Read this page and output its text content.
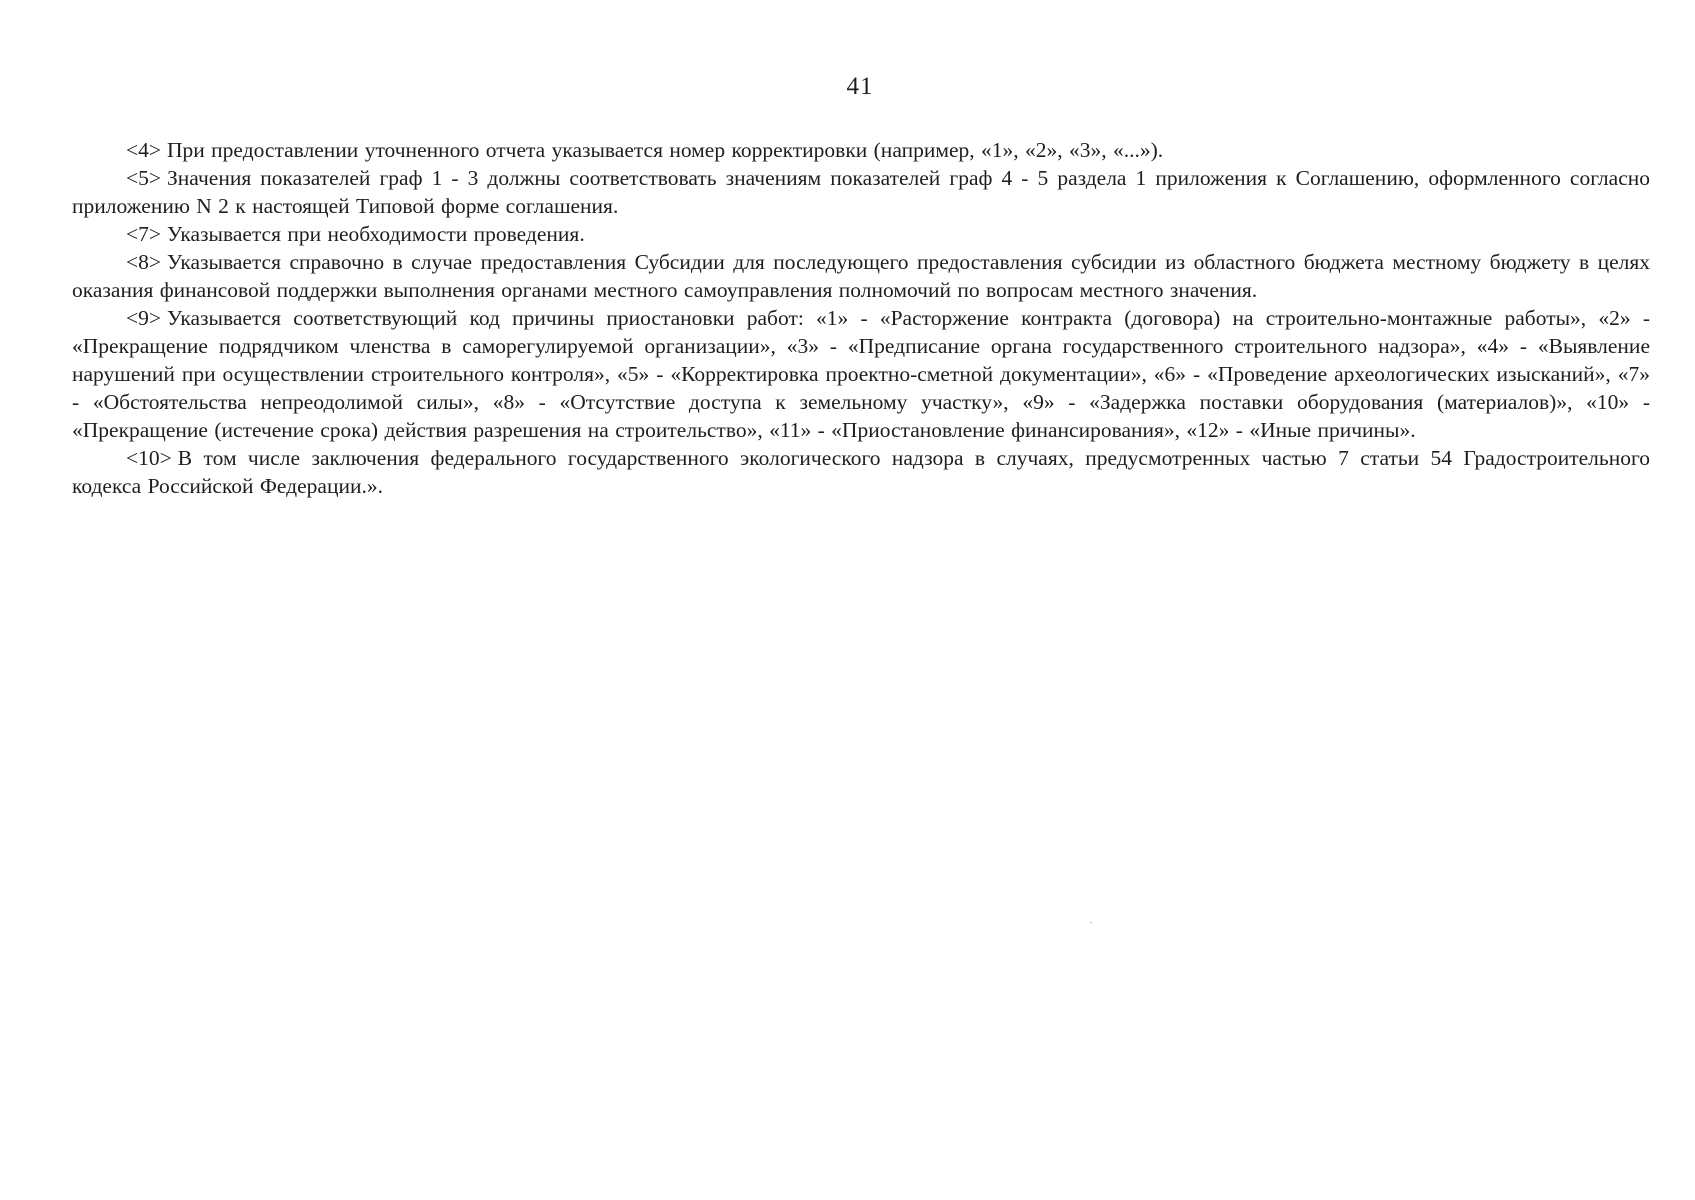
41

<4> При предоставлении уточненного отчета указывается номер корректировки (например, «1», «2», «3», «...»).

<5> Значения показателей граф 1 - 3 должны соответствовать значениям показателей граф 4 - 5 раздела 1 приложения к Соглашению, оформленного согласно приложению N 2 к настоящей Типовой форме соглашения.

<7> Указывается при необходимости проведения.

<8> Указывается справочно в случае предоставления Субсидии для последующего предоставления субсидии из областного бюджета местному бюджету в целях оказания финансовой поддержки выполнения органами местного самоуправления полномочий по вопросам местного значения.

<9> Указывается соответствующий код причины приостановки работ: «1» - «Расторжение контракта (договора) на строительно-монтажные работы», «2» - «Прекращение подрядчиком членства в саморегулируемой организации», «3» - «Предписание органа государственного строительного надзора», «4» - «Выявление нарушений при осуществлении строительного контроля», «5» - «Корректировка проектно-сметной документации», «6» - «Проведение археологических изысканий», «7» - «Обстоятельства непреодолимой силы», «8» - «Отсутствие доступа к земельному участку», «9» - «Задержка поставки оборудования (материалов)», «10» - «Прекращение (истечение срока) действия разрешения на строительство», «11» - «Приостановление финансирования», «12» - «Иные причины».

<10> В том числе заключения федерального государственного экологического надзора в случаях, предусмотренных частью 7 статьи 54 Градостроительного кодекса Российской Федерации.».
